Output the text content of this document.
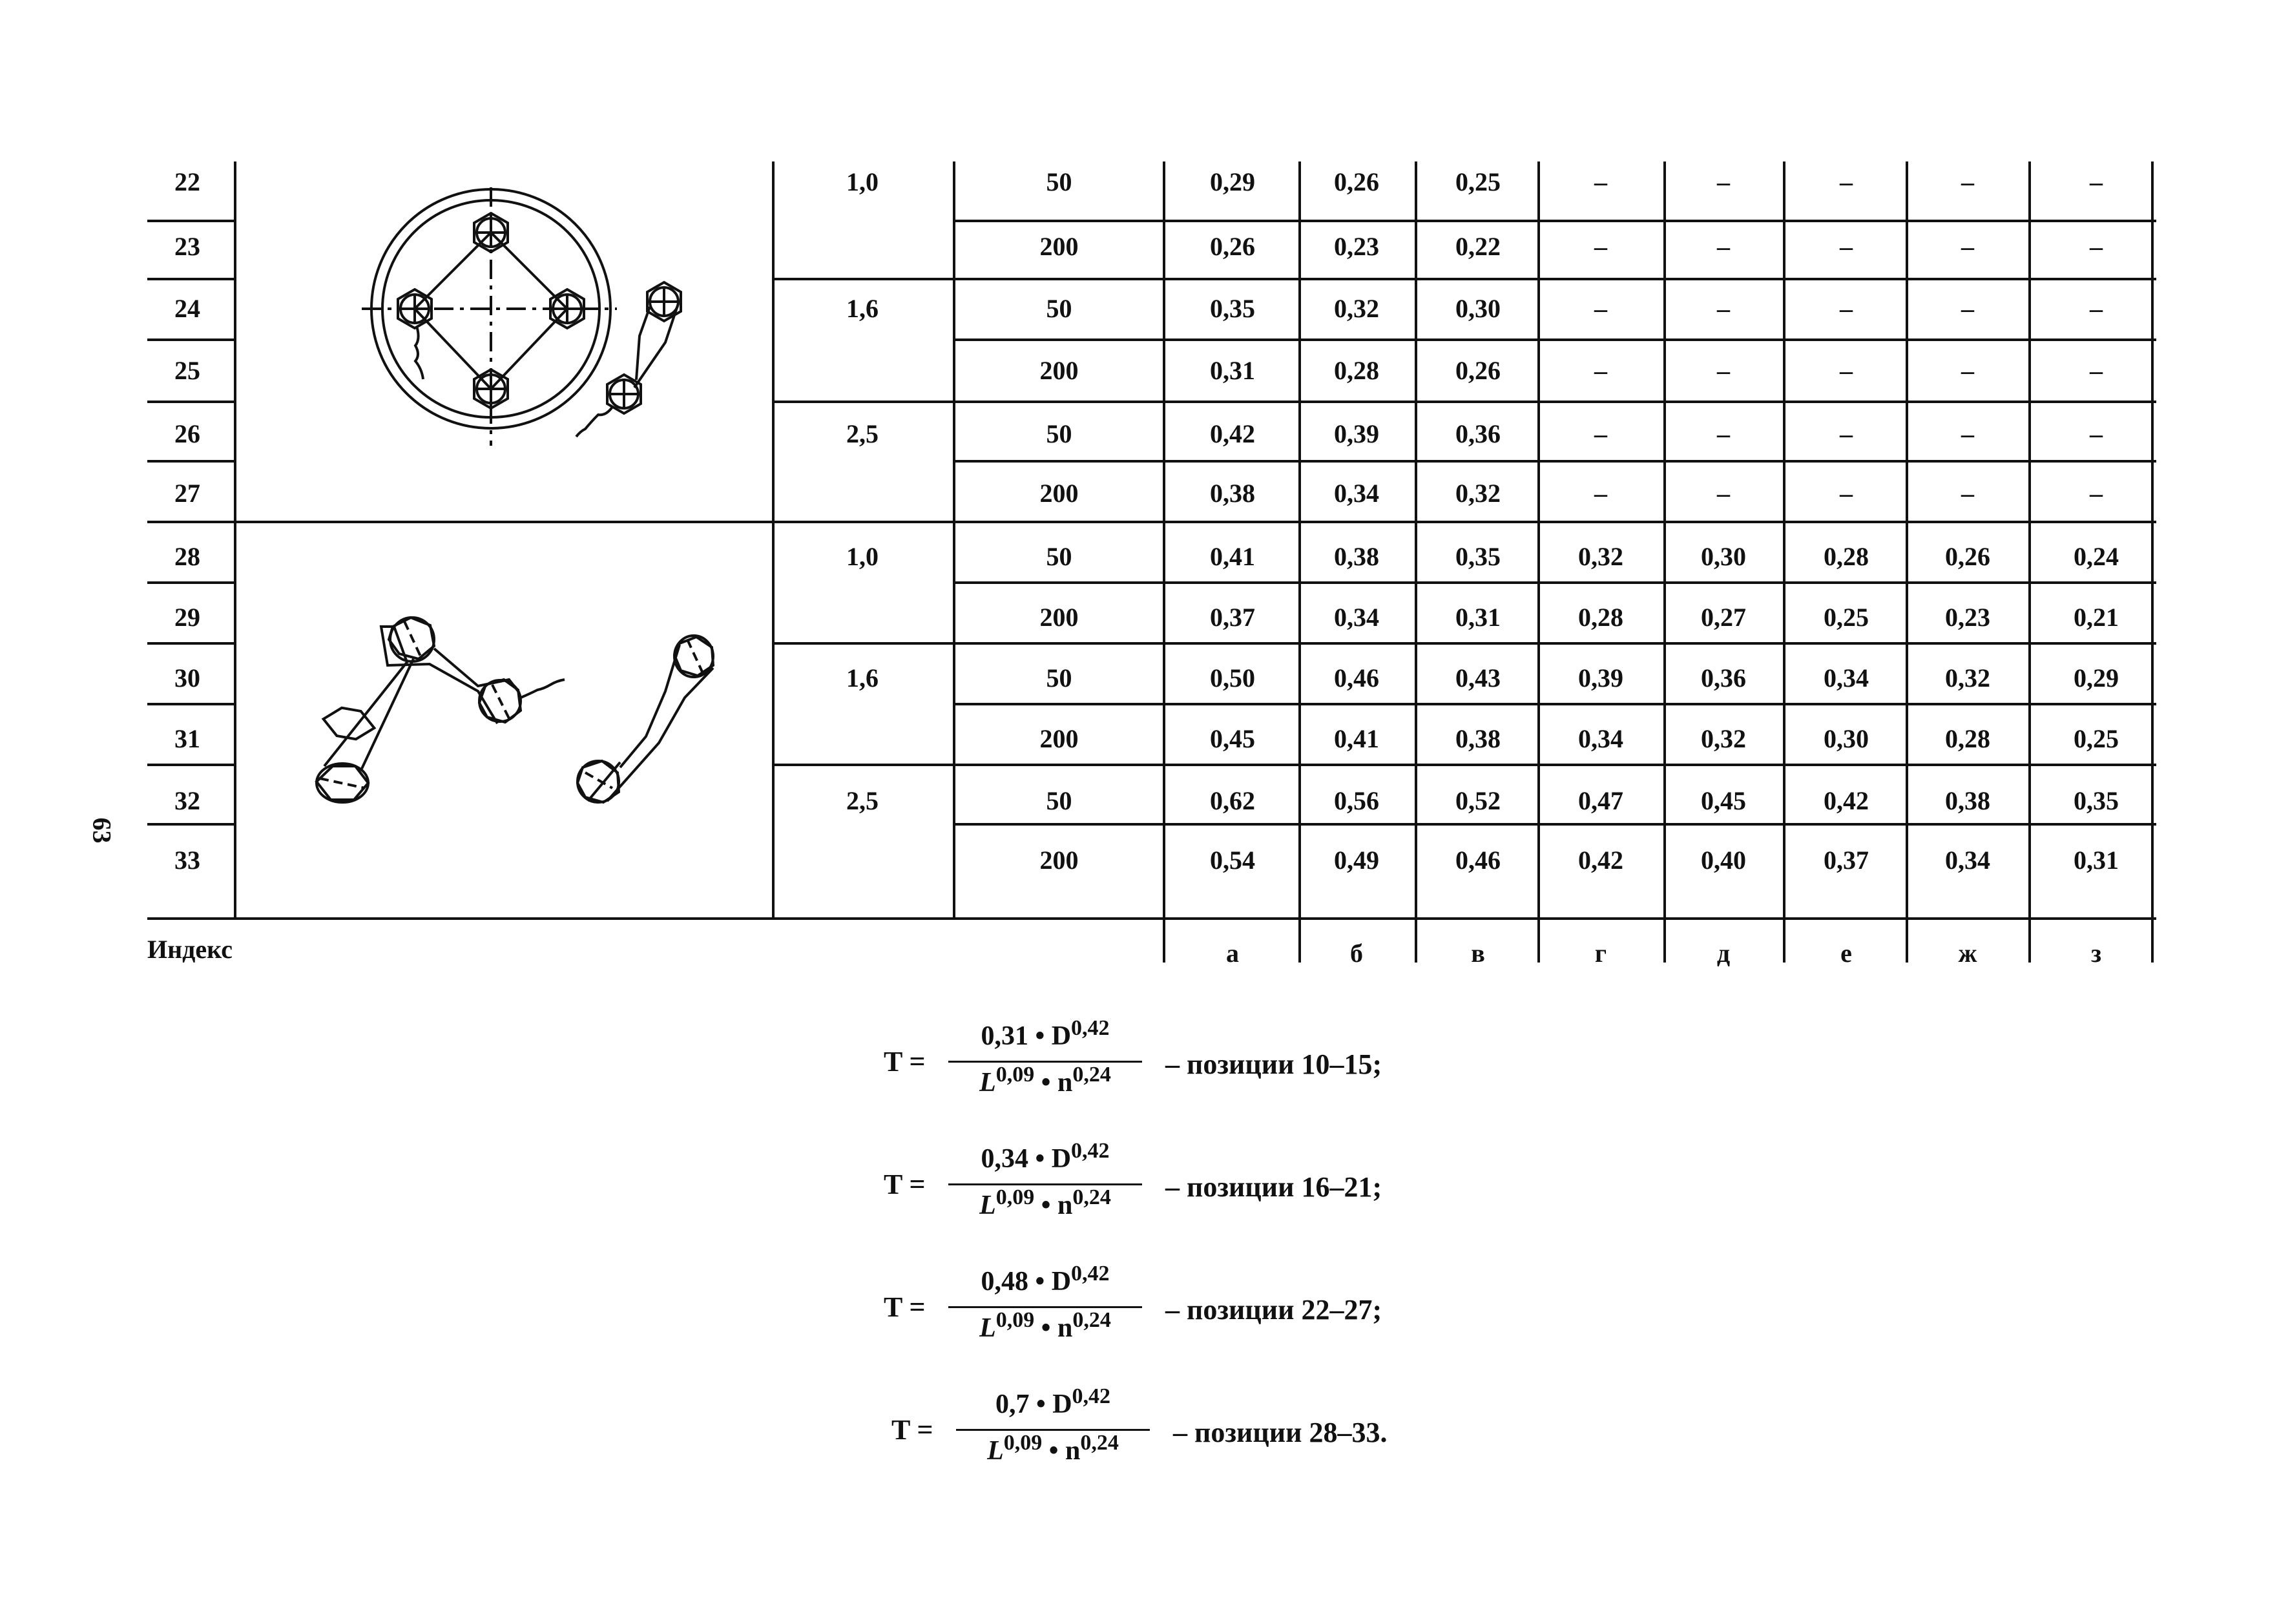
63
22	1,0	50	0,29	0,26	0,25	–	–	–	–	–
23	200	0,26	0,23	0,22	–	–	–	–	–
24	1,6	50	0,35	0,32	0,30	–	–	–	–	–
25	200	0,31	0,28	0,26	–	–	–	–	–
26	2,5	50	0,42	0,39	0,36	–	–	–	–	–
27	200	0,38	0,34	0,32	–	–	–	–	–
28	1,0	50	0,41	0,38	0,35	0,32	0,30	0,28	0,26	0,24
29	200	0,37	0,34	0,31	0,28	0,27	0,25	0,23	0,21
30	1,6	50	0,50	0,46	0,43	0,39	0,36	0,34	0,32	0,29
31	200	0,45	0,41	0,38	0,34	0,32	0,30	0,28	0,25
32	2,5	50	0,62	0,56	0,52	0,47	0,45	0,42	0,38	0,35
33	200	0,54	0,49	0,46	0,42	0,40	0,37	0,34	0,31
Индекс	а	б	в	г	д	е	ж	з
T =
0,31 • D$^{0,42}$
L$^{0,09}$ • $n^{0,24}$	– позиции 10–15;
T =
0,34 • D$^{0,42}$
L$^{0,09}$ • $n^{0,24}$	– позиции 16–21;
T =
0,48 • D$^{0,42}$
L$^{0,09}$ • $n^{0,24}$	– позиции 22–27;
T =
0,7 • D$^{0,42}$
L$^{0,09}$ • $n^{0,24}$	– позиции 28–33.
